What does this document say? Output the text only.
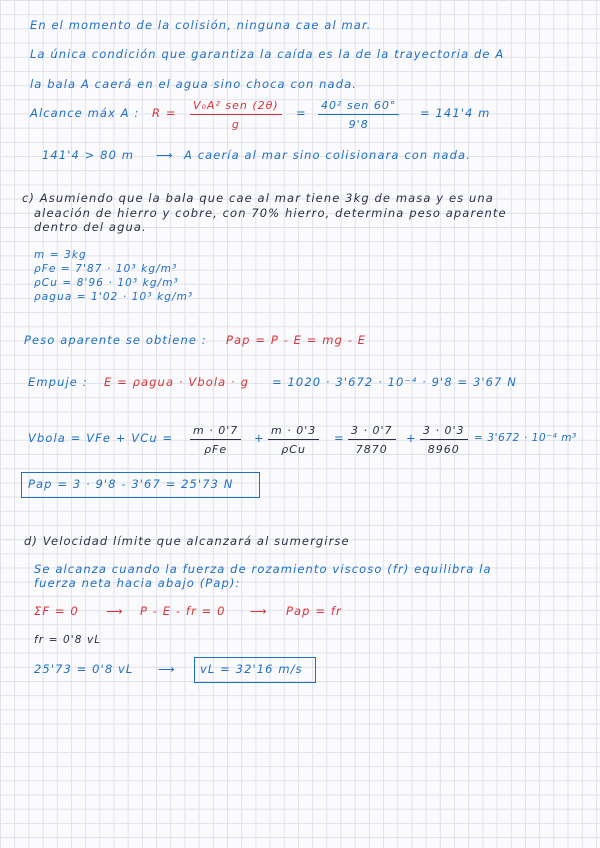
En el momento de la colisión, ninguna cae al mar.
La única condición que garantiza la caída es la de la trayectoria de A
la bala A caerá en el agua sino choca con nada.
Alcance máx A : R =
V₀A² sen (2θ)
g
=
40² sen 60°
9'8
= 141'4 m
141'4 > 80 m ⟶ A caería al mar sino colisionara con nada.
c) Asumiendo que la bala que cae al mar tiene 3kg de masa y es una
aleación de hierro y cobre, con 70% hierro, determina peso aparente
dentro del agua.
m = 3kg
ρFe = 7'87 · 10³ kg/m³
ρCu = 8'96 · 10³ kg/m³
ρagua = 1'02 · 10³ kg/m³
Peso aparente se obtiene : Pap = P - E = mg - E
Empuje : E = ρagua · Vbola · g = 1020 · 3'672 · 10⁻⁴ · 9'8 = 3'67 N
Vbola = VFe + VCu =
m · 0'7
ρFe
+
m · 0'3
ρCu
=
3 · 0'7
7870
+
3 · 0'3
8960
= 3'672 · 10⁻⁴ m³
Pap = 3 · 9'8 - 3'67 = 25'73 N
d) Velocidad límite que alcanzará al sumergirse
Se alcanza cuando la fuerza de rozamiento viscoso (fr) equilibra la
fuerza neta hacia abajo (Pap):
ΣF = 0 ⟶ P - E - fr = 0 ⟶ Pap = fr
fr = 0'8 vL
25'73 = 0'8 vL ⟶ vL = 32'16 m/s
